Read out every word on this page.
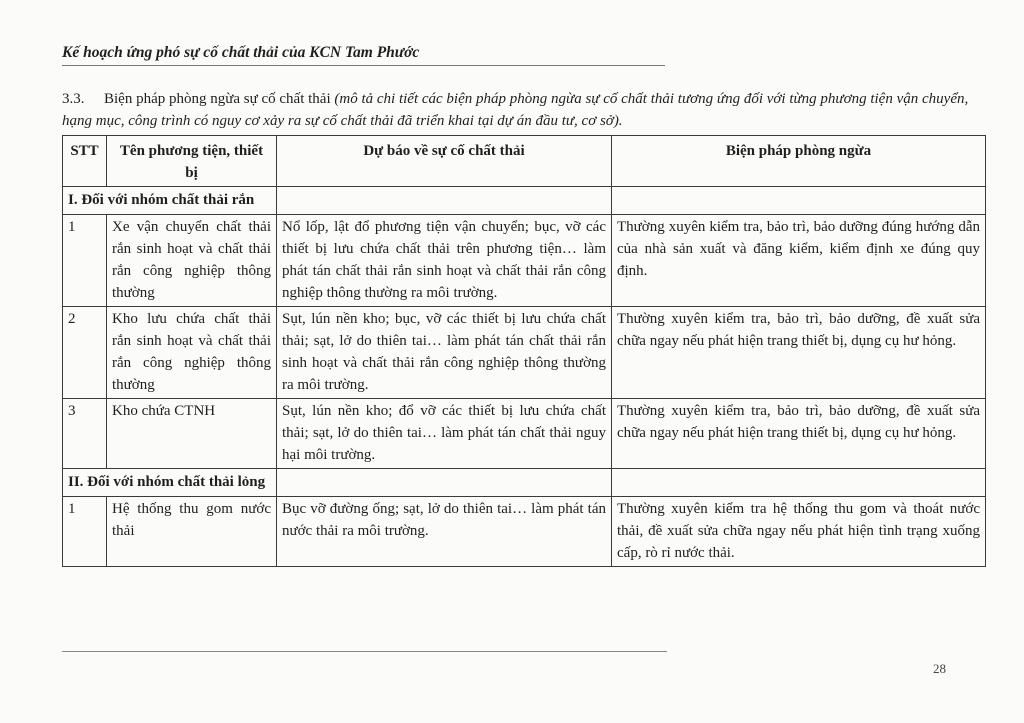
Kế hoạch ứng phó sự cố chất thải của KCN Tam Phước
3.3. Biện pháp phòng ngừa sự cố chất thải (mô tả chi tiết các biện pháp phòng ngừa sự cố chất thải tương ứng đối với từng phương tiện vận chuyển, hạng mục, công trình có nguy cơ xảy ra sự cố chất thải đã triển khai tại dự án đầu tư, cơ sở).
STT	Tên phương tiện, thiết bị	Dự báo về sự cố chất thải	Biện pháp phòng ngừa
I. Đối với nhóm chất thải rắn			
1	Xe vận chuyển chất thải rắn sinh hoạt và chất thải rắn công nghiệp thông thường	Nổ lốp, lật đổ phương tiện vận chuyển; bục, vỡ các thiết bị lưu chứa chất thải trên phương tiện… làm phát tán chất thải rắn sinh hoạt và chất thải rắn công nghiệp thông thường ra môi trường.	Thường xuyên kiểm tra, bảo trì, bảo dưỡng đúng hướng dẫn của nhà sản xuất và đăng kiểm, kiểm định xe đúng quy định.
2	Kho lưu chứa chất thải rắn sinh hoạt và chất thải rắn công nghiệp thông thường	Sụt, lún nền kho; bục, vỡ các thiết bị lưu chứa chất thải; sạt, lở do thiên tai… làm phát tán chất thải rắn sinh hoạt và chất thải rắn công nghiệp thông thường ra môi trường.	Thường xuyên kiểm tra, bảo trì, bảo dưỡng, đề xuất sửa chữa ngay nếu phát hiện trang thiết bị, dụng cụ hư hỏng.
3	Kho chứa CTNH	Sụt, lún nền kho; đổ vỡ các thiết bị lưu chứa chất thải; sạt, lở do thiên tai… làm phát tán chất thải nguy hại môi trường.	Thường xuyên kiểm tra, bảo trì, bảo dưỡng, đề xuất sửa chữa ngay nếu phát hiện trang thiết bị, dụng cụ hư hỏng.
II. Đối với nhóm chất thải lỏng			
1	Hệ thống thu gom nước thải	Bục vỡ đường ống; sạt, lở do thiên tai… làm phát tán nước thải ra môi trường.	Thường xuyên kiểm tra hệ thống thu gom và thoát nước thải, đề xuất sửa chữa ngay nếu phát hiện tình trạng xuống cấp, rò rỉ nước thải.
28
